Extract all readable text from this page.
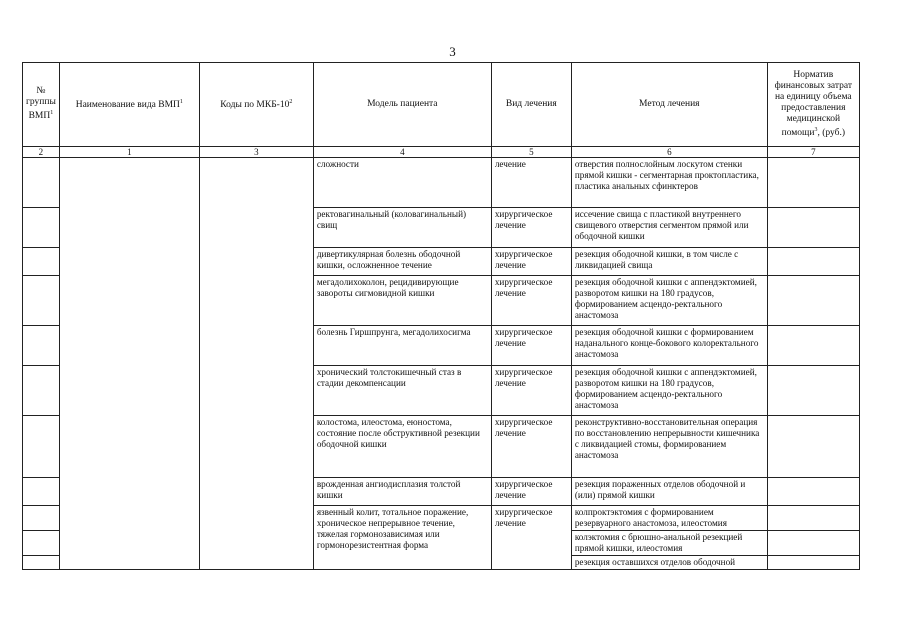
3
№ группы ВМП$^1$	Наименование вида ВМП$^1$	Коды по МКБ-$10^2$	Модель пациента	Вид лечения	Метод лечения	Норматив финансовых затрат на единицу объема предоставления медицинской помощи$^3$, (руб.)
2	1	3	4	5	6	7
			сложности	лечение	отверстия полнослойным лоскутом стенки прямой кишки - сегментарная проктопластика, пластика анальных сфинктеров	
			ректовагинальный (коловагинальный) свищ	хирургическое лечение	иссечение свища с пластикой внутреннего свищевого отверстия сегментом прямой или ободочной кишки	
			дивертикулярная болезнь ободочной кишки, осложненное течение	хирургическое лечение	резекция ободочной кишки, в том числе с ликвидацией свища	
			мегадолихоколон, рецидивирующие завороты сигмовидной кишки	хирургическое лечение	резекция ободочной кишки с аппендэктомией, разворотом кишки на 180 градусов, формированием асцендо-ректального анастомоза	
			болезнь Гиршпрунга, мегадолихосигма	хирургическое лечение	резекция ободочной кишки с формированием наданального конце-бокового колоректального анастомоза	
			хронический толстокишечный стаз в стадии декомпенсации	хирургическое лечение	резекция ободочной кишки с аппендэктомией, разворотом кишки на 180 градусов, формированием асцендо-ректального анастомоза	
			колостома, илеостома, еюностома, состояние после обструктивной резекции ободочной кишки	хирургическое лечение	реконструктивно-восстановительная операция по восстановлению непрерывности кишечника с ликвидацией стомы, формированием анастомоза	
			врожденная ангиодисплазия толстой кишки	хирургическое лечение	резекция пораженных отделов ободочной и (или) прямой кишки	
			язвенный колит, тотальное поражение, хроническое непрерывное течение, тяжелая гормонозависимая или гормонорезистентная форма	хирургическое лечение	колпроктэктомия с формированием резервуарного анастомоза, илеостомия	
					колэктомия с брюшно-анальной резекцией прямой кишки, илеостомия	
					резекция оставшихся отделов ободочной	
